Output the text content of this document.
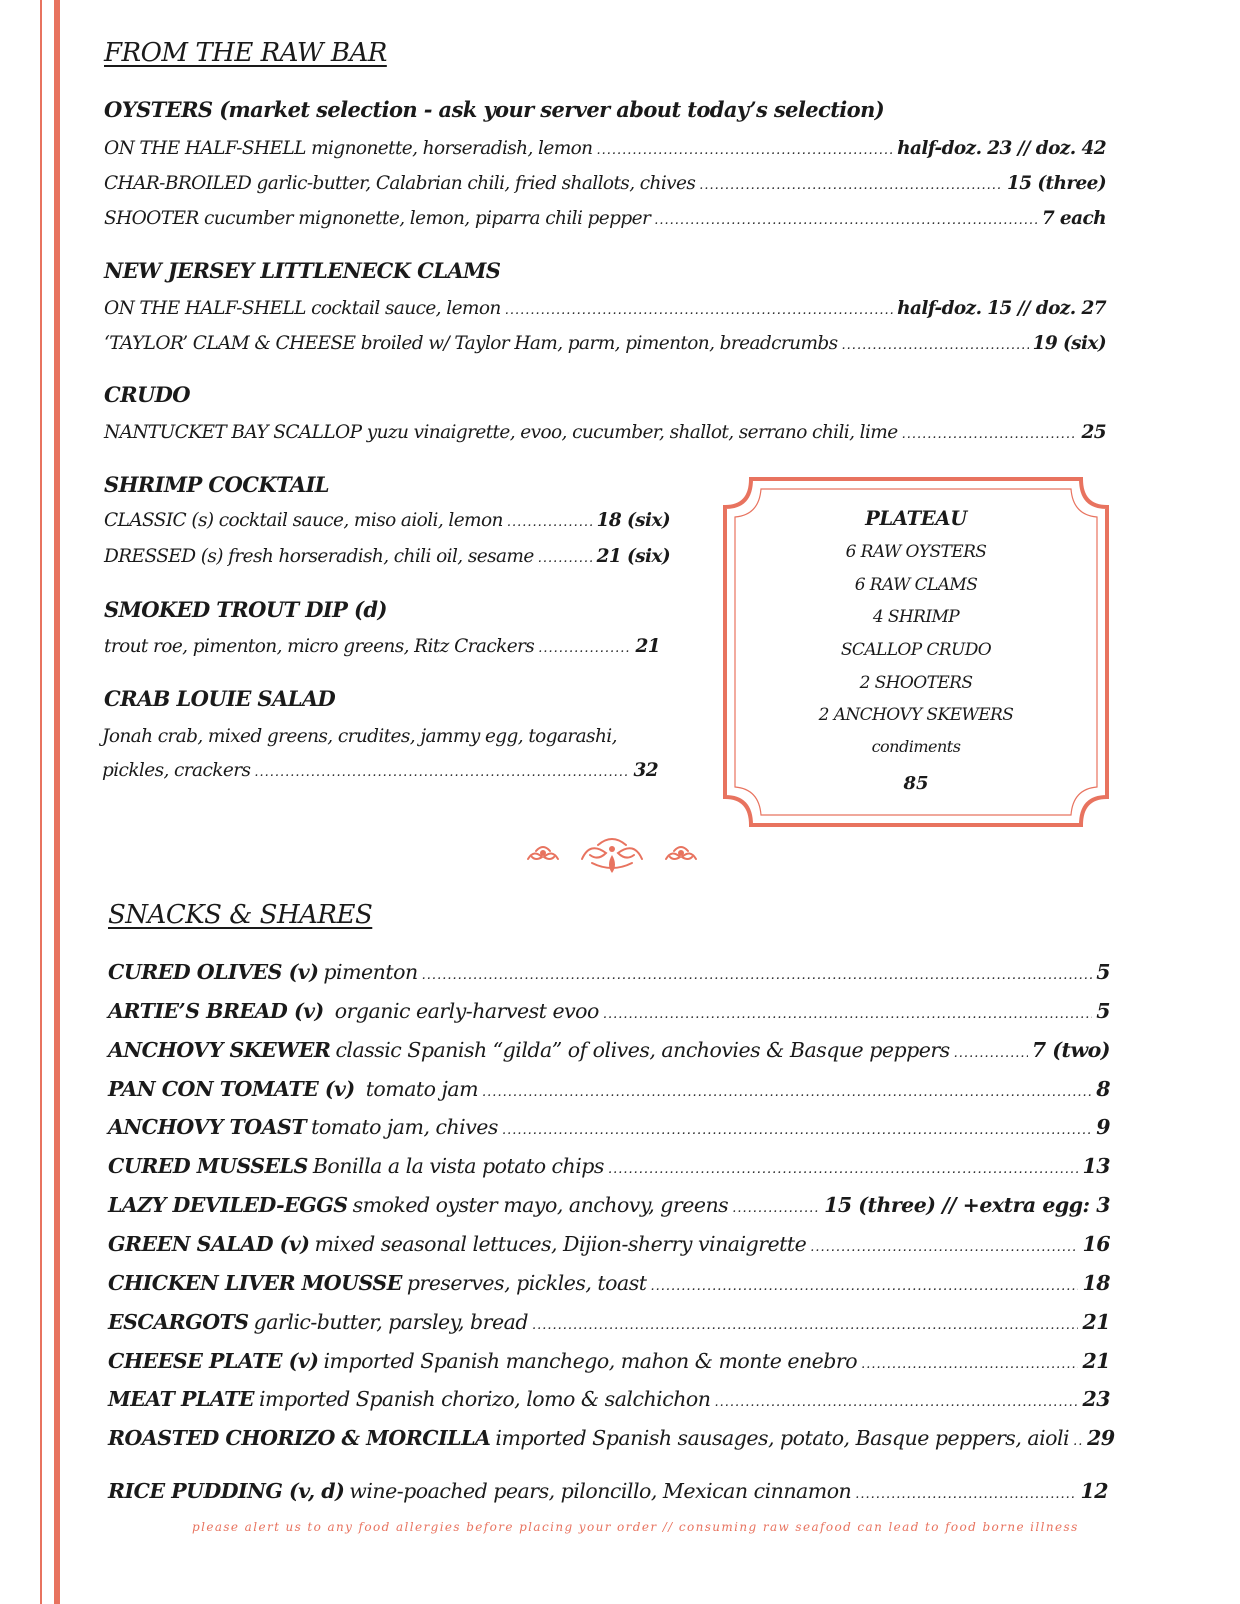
FROM THE RAW BAR
OYSTERS (market selection - ask your server about today’s selection)
ON THE HALF-SHELL mignonette, horseradish, lemon .....	half-doz. 23 // doz. 42
CHAR-BROILED garlic-butter, Calabrian chili, fried shallots, chives .....	15 (three)
SHOOTER cucumber mignonette, lemon, piparra chili pepper .....	7 each
NEW JERSEY LITTLENECK CLAMS
ON THE HALF-SHELL cocktail sauce, lemon .....	half-doz. 15 // doz. 27
‘TAYLOR’ CLAM & CHEESE broiled w/ Taylor Ham, parm, pimenton, breadcrumbs .....	19 (six)
CRUDO
NANTUCKET BAY SCALLOP yuzu vinaigrette, evoo, cucumber, shallot, serrano chili, lime .....	25
SHRIMP COCKTAIL
CLASSIC (s) cocktail sauce, miso aioli, lemon .....	18 (six)
DRESSED (s) fresh horseradish, chili oil, sesame .....	21 (six)
SMOKED TROUT DIP (d)
trout roe, pimenton, micro greens, Ritz Crackers .....	21
CRAB LOUIE SALAD
Jonah crab, mixed greens, crudites, jammy egg, togarashi,
pickles, crackers .....	32
PLATEAU
6 RAW OYSTERS
6 RAW CLAMS
4 SHRIMP
SCALLOP CRUDO
2 SHOOTERS
2 ANCHOVY SKEWERS
condiments
85
SNACKS & SHARES
CURED OLIVES (v) pimenton .....	5
ARTIE’S BREAD (v) organic early-harvest evoo .....	5
ANCHOVY SKEWER classic Spanish “gilda” of olives, anchovies & Basque peppers .....	7 (two)
PAN CON TOMATE (v) tomato jam .....	8
ANCHOVY TOAST tomato jam, chives .....	9
CURED MUSSELS Bonilla a la vista potato chips .....	13
LAZY DEVILED-EGGS smoked oyster mayo, anchovy, greens .....	15 (three) // +extra egg: 3
GREEN SALAD (v) mixed seasonal lettuces, Dijion-sherry vinaigrette .....	16
CHICKEN LIVER MOUSSE preserves, pickles, toast .....	18
ESCARGOTS garlic-butter, parsley, bread .....	21
CHEESE PLATE (v) imported Spanish manchego, mahon & monte enebro .....	21
MEAT PLATE imported Spanish chorizo, lomo & salchichon .....	23
ROASTED CHORIZO & MORCILLA imported Spanish sausages, potato, Basque peppers, aioli ..... 29
RICE PUDDING (v, d) wine-poached pears, piloncillo, Mexican cinnamon .....	12
please alert us to any food allergies before placing your order // consuming raw seafood can lead to food borne illness
